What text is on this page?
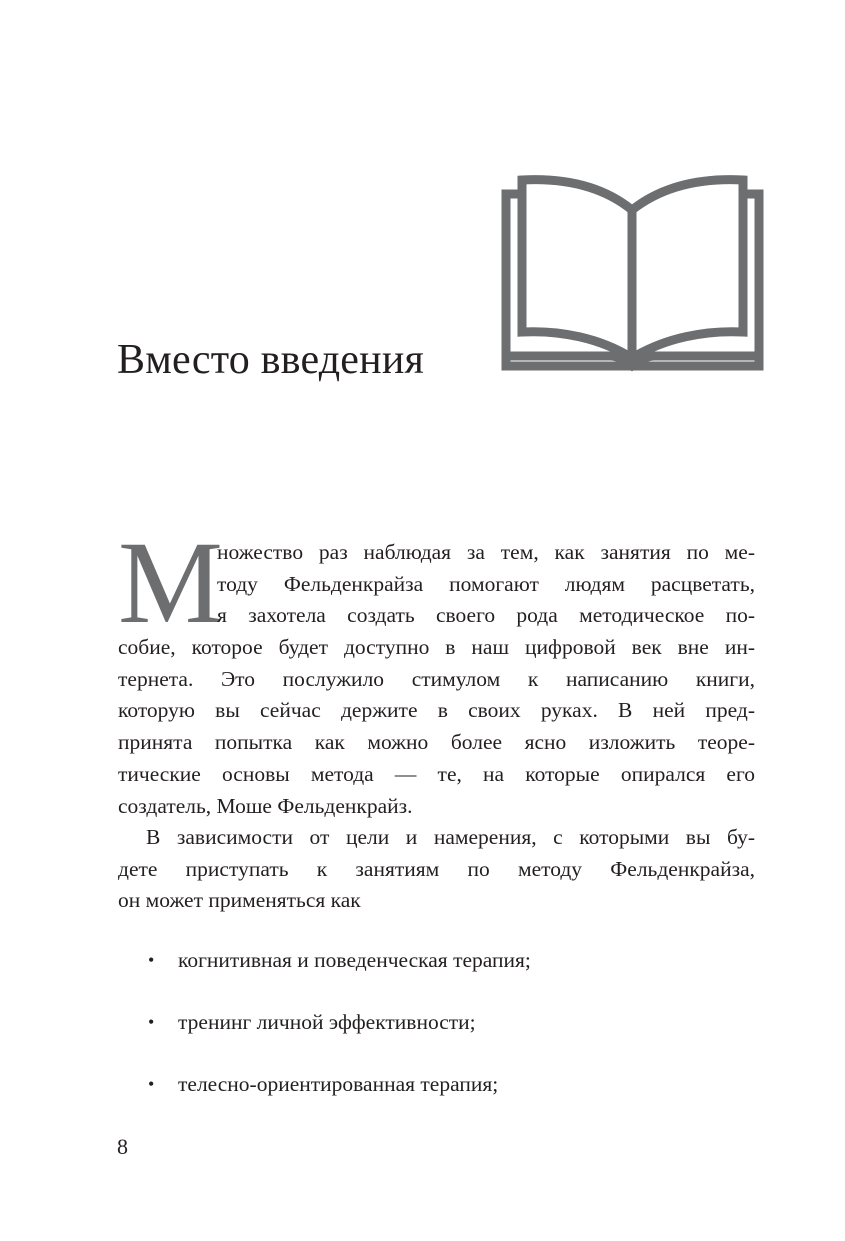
Вместо введения
М
ножество раз наблюдая за тем, как занятия по ме-
тоду Фельденкрайза помогают людям расцветать,
я захотела создать своего рода методическое по-
собие, которое будет доступно в наш цифровой век вне ин-
тернета. Это послужило стимулом к написанию книги,
которую вы сейчас держите в своих руках. В ней пред-
принята попытка как можно более ясно изложить теоре-
тические основы метода — те, на которые опирался его
создатель, Моше Фельденкрайз.
В зависимости от цели и намерения, с которыми вы бу-
дете приступать к занятиям по методу Фельденкрайза,
он может применяться как
• когнитивная и поведенческая терапия;
• тренинг личной эффективности;
• телесно-ориентированная терапия;
8
